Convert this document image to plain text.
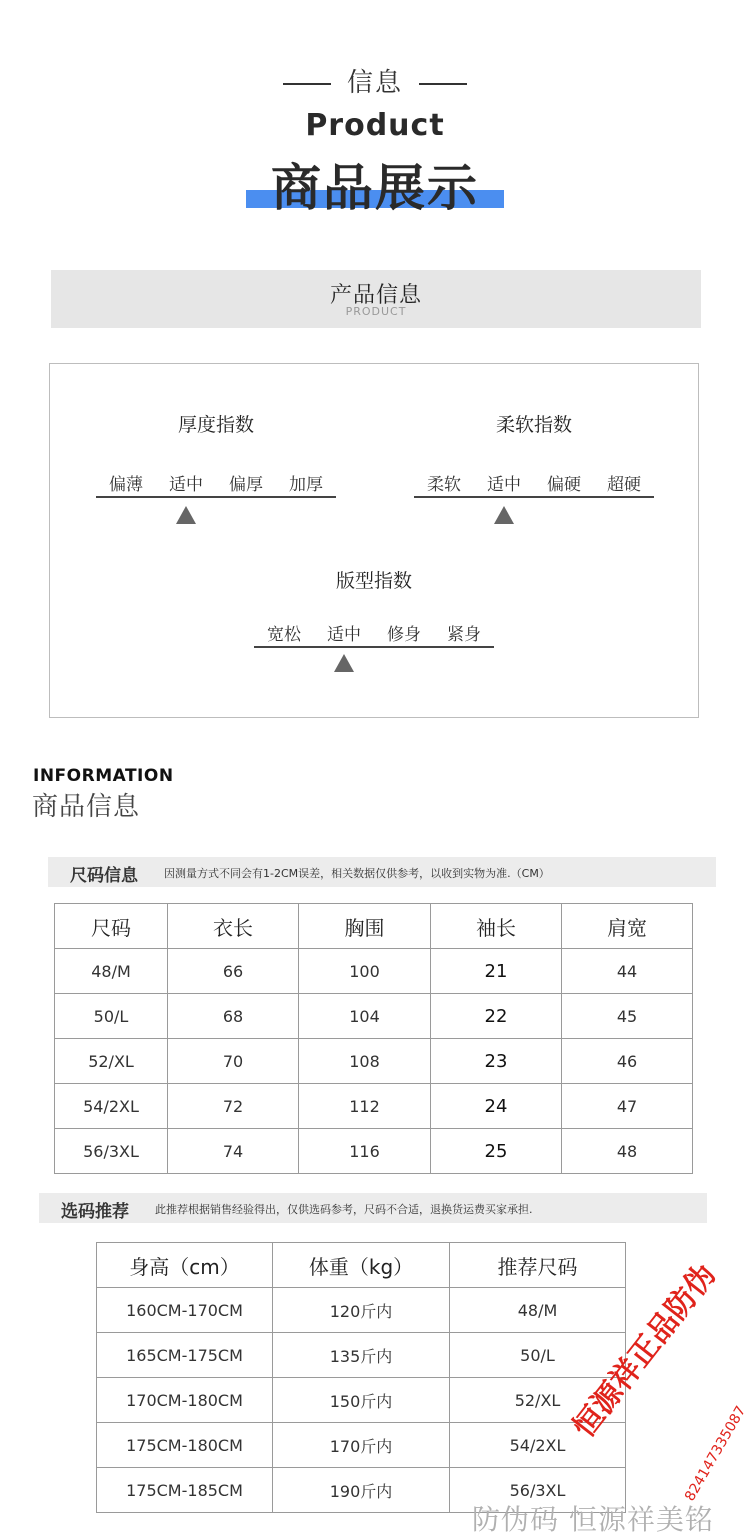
信息
Product
商品展示
产品信息
PRODUCT
厚度指数
偏薄	适中	偏厚	加厚
柔软指数
柔软	适中	偏硬	超硬
版型指数
宽松	适中	修身	紧身
INFORMATION
商品信息
尺码信息 因测量方式不同会有1-2CM误差，相关数据仅供参考，以收到实物为准.（CM）
尺码	衣长	胸围	袖长	肩宽
48/M	66	100	21	44
50/L	68	104	22	45
52/XL	70	108	23	46
54/2XL	72	112	24	47
56/3XL	74	116	25	48
选码推荐 此推荐根据销售经验得出，仅供选码参考，尺码不合适，退换货运费买家承担.
身高（cm）	体重（kg）	推荐尺码
160CM-170CM	120斤内	48/M
165CM-175CM	135斤内	50/L
170CM-180CM	150斤内	52/XL
175CM-180CM	170斤内	54/2XL
175CM-185CM	190斤内	56/3XL
恒源祥正品防伪
824147335087
防伪码 恒源祥美铭
